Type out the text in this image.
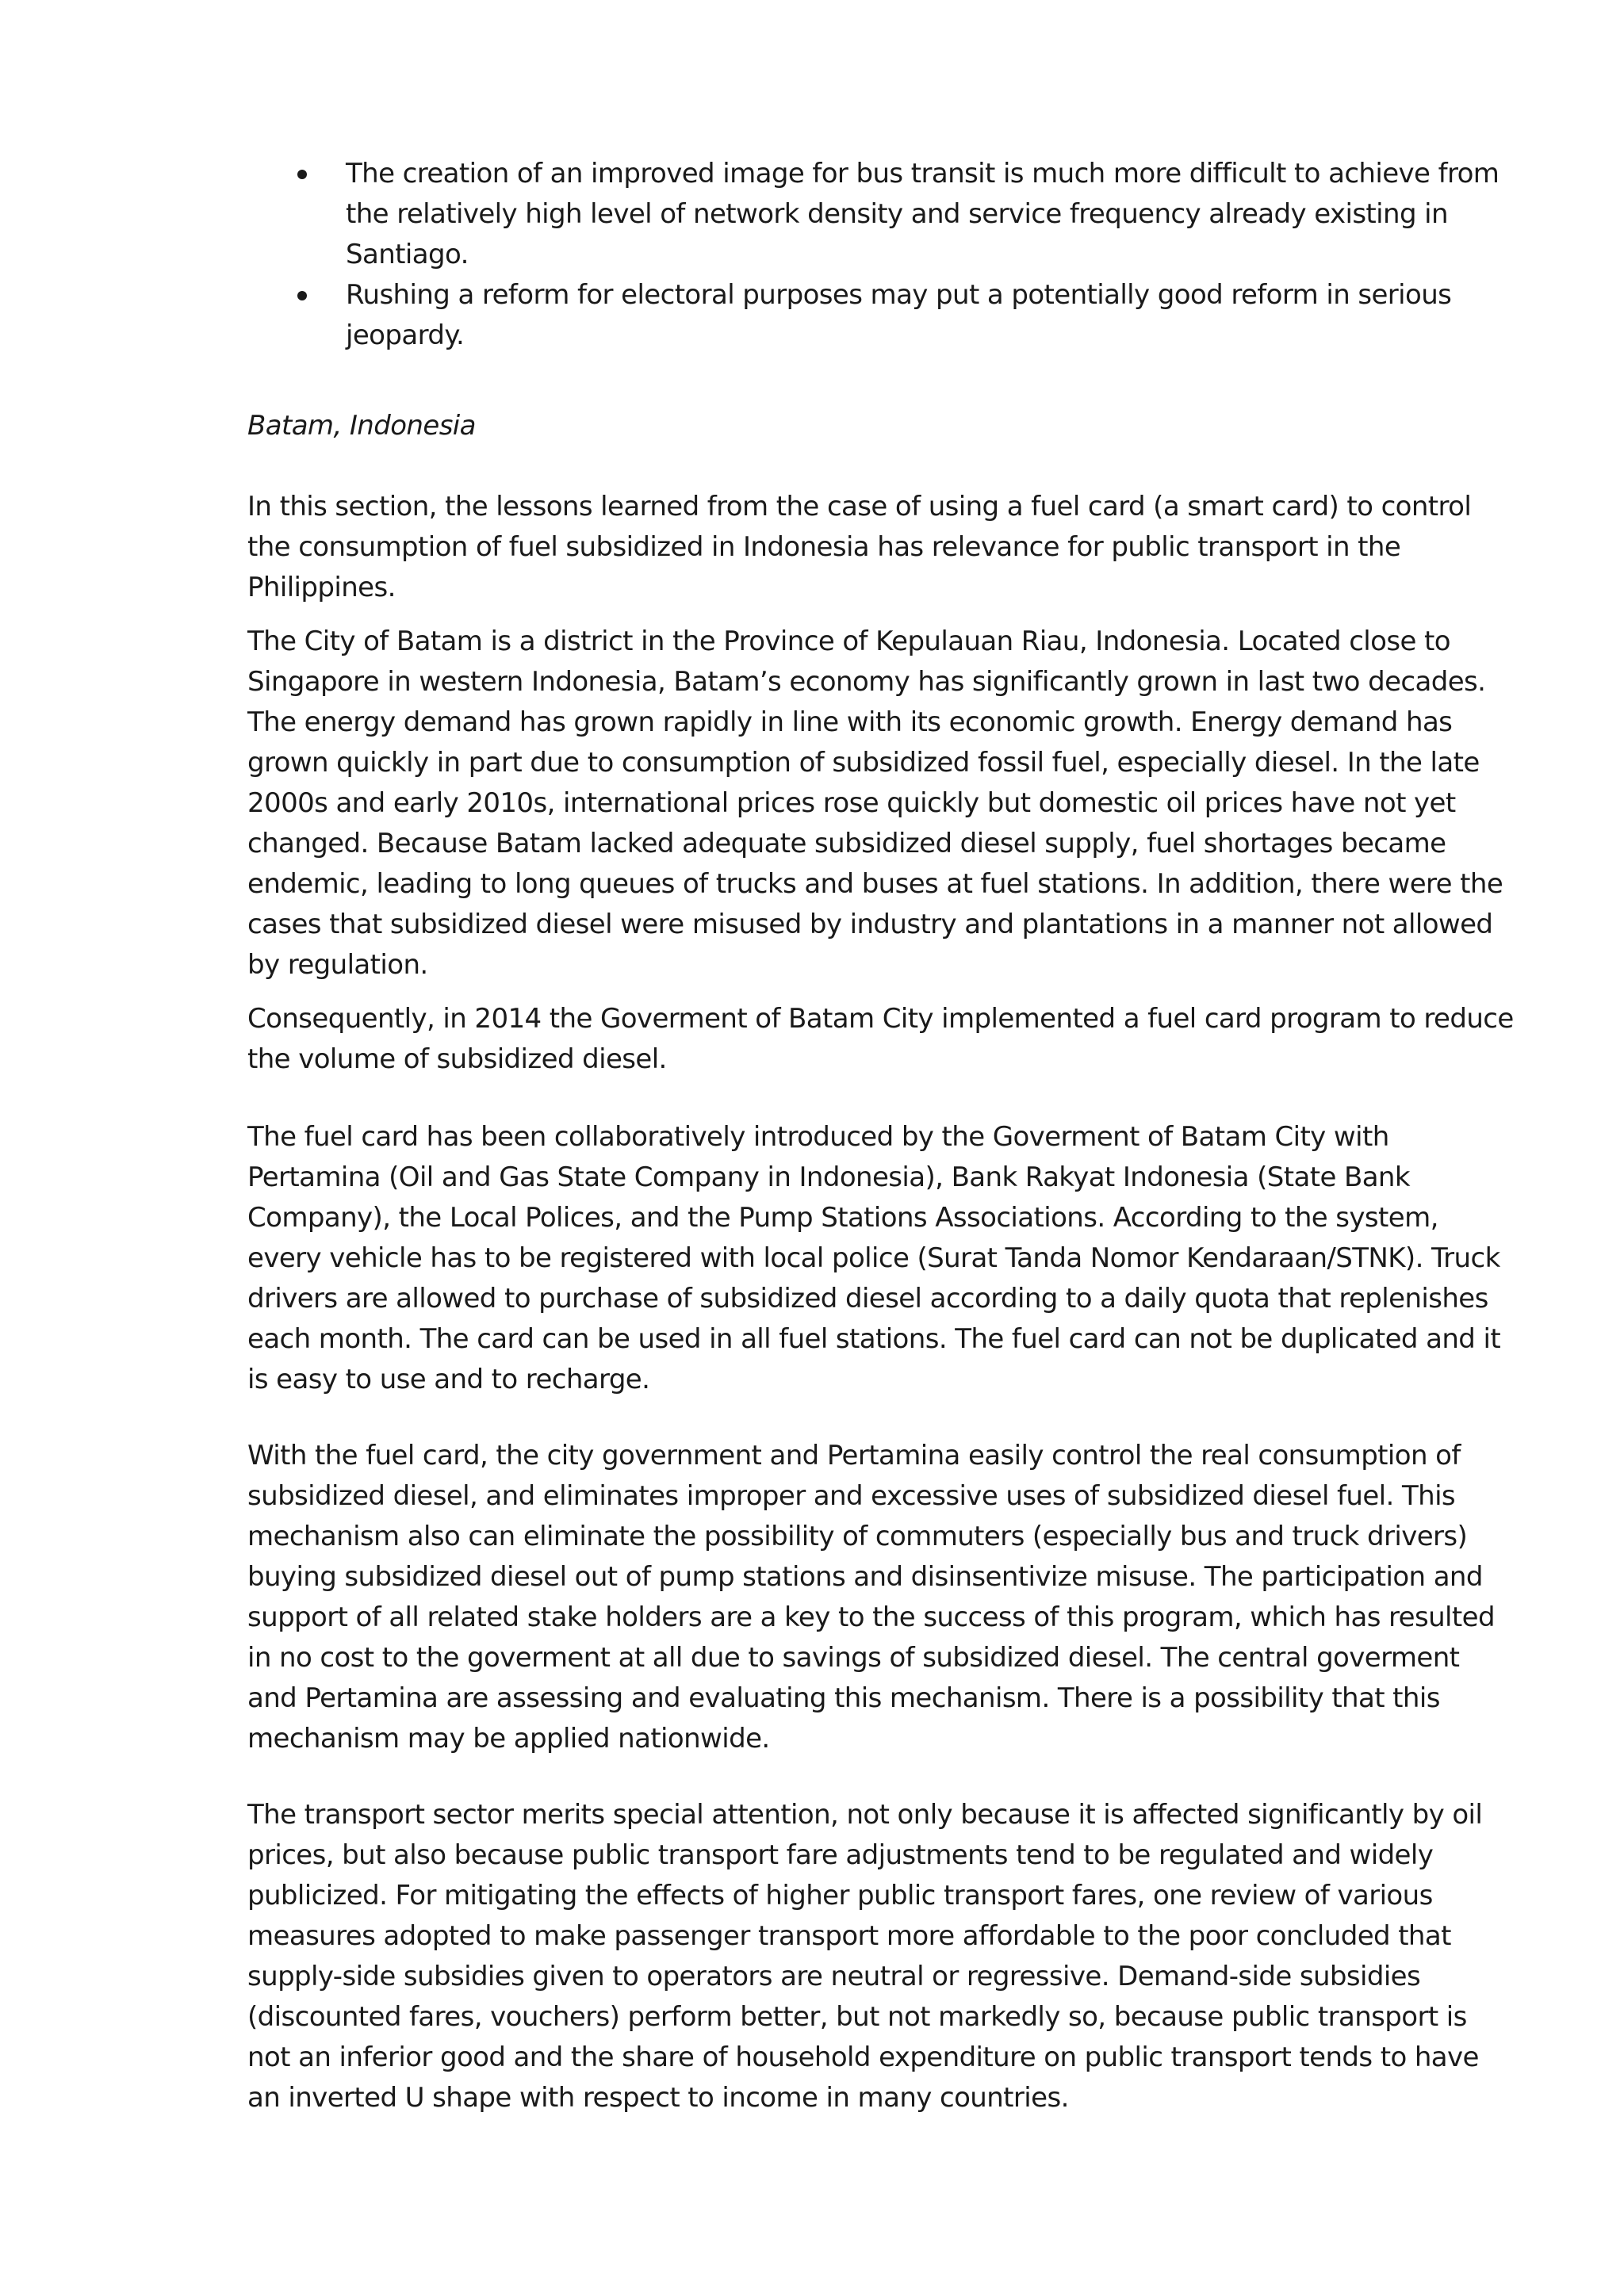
The creation of an improved image for bus transit is much more difficult to achieve from the relatively high level of network density and service frequency already existing in Santiago.
Rushing a reform for electoral purposes may put a potentially good reform in serious jeopardy.
Batam, Indonesia

In this section, the lessons learned from the case of using a fuel card (a smart card) to control the consumption of fuel subsidized in Indonesia has relevance for public transport in the Philippines.

The City of Batam is a district in the Province of Kepulauan Riau, Indonesia. Located close to Singapore in western Indonesia, Batam’s economy has significantly grown in last two decades. The energy demand has grown rapidly in line with its economic growth. Energy demand has grown quickly in part due to consumption of subsidized fossil fuel, especially diesel. In the late 2000s and early 2010s, international prices rose quickly but domestic oil prices have not yet changed. Because Batam lacked adequate subsidized diesel supply, fuel shortages became endemic, leading to long queues of trucks and buses at fuel stations. In addition, there were the cases that subsidized diesel were misused by industry and plantations in a manner not allowed by regulation.

Consequently, in 2014 the Goverment of Batam City implemented a fuel card program to reduce the volume of subsidized diesel.

The fuel card has been collaboratively introduced by the Goverment of Batam City with Pertamina (Oil and Gas State Company in Indonesia), Bank Rakyat Indonesia (State Bank Company), the Local Polices, and the Pump Stations Associations. According to the system, every vehicle has to be registered with local police (Surat Tanda Nomor Kendaraan/STNK). Truck drivers are allowed to purchase of subsidized diesel according to a daily quota that replenishes each month. The card can be used in all fuel stations. The fuel card can not be duplicated and it is easy to use and to recharge.

With the fuel card, the city government and Pertamina easily control the real consumption of subsidized diesel, and eliminates improper and excessive uses of subsidized diesel fuel. This mechanism also can eliminate the possibility of commuters (especially bus and truck drivers) buying subsidized diesel out of pump stations and disinsentivize misuse. The participation and support of all related stake holders are a key to the success of this program, which has resulted in no cost to the goverment at all due to savings of subsidized diesel. The central goverment and Pertamina are assessing and evaluating this mechanism. There is a possibility that this mechanism may be applied nationwide.

The transport sector merits special attention, not only because it is affected significantly by oil prices, but also because public transport fare adjustments tend to be regulated and widely publicized. For mitigating the effects of higher public transport fares, one review of various measures adopted to make passenger transport more affordable to the poor concluded that supply-side subsidies given to operators are neutral or regressive. Demand-side subsidies (discounted fares, vouchers) perform better, but not markedly so, because public transport is not an inferior good and the share of household expenditure on public transport tends to have an inverted U shape with respect to income in many countries.
